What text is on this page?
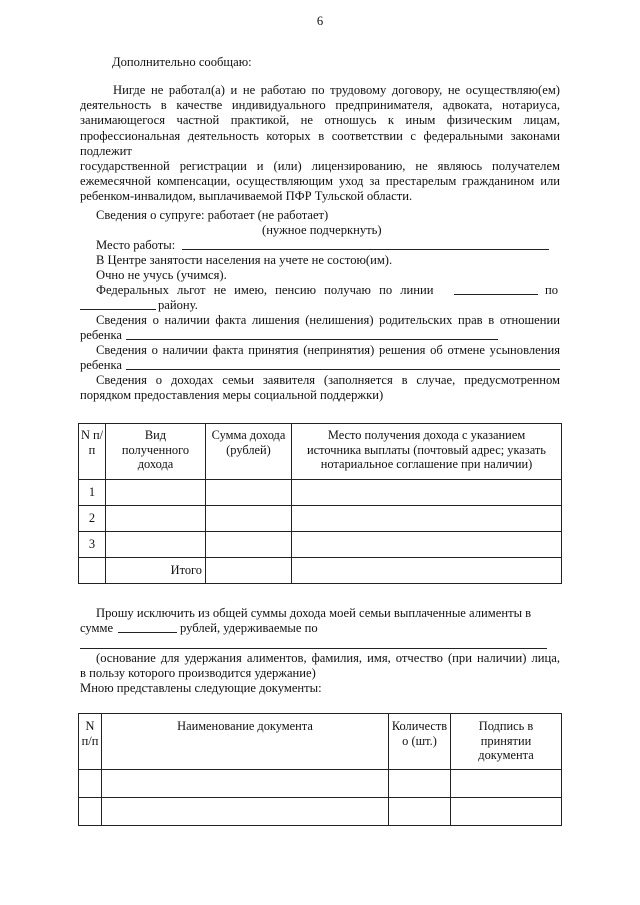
6
Дополнительно сообщаю:
Нигде не работал(а) и не работаю по трудовому договору, не осуществляю(ем)
деятельность в качестве индивидуального предпринимателя, адвоката, нотариуса,
занимающегося частной практикой, не отношусь к иным физическим лицам,
профессиональная деятельность которых в соответствии с федеральными законами подлежит
государственной регистрации и (или) лицензированию, не являюсь получателем
ежемесячной компенсации, осуществляющим уход за престарелым гражданином или
ребенком-инвалидом, выплачиваемой ПФР Тульской области.
Сведения о супруге: работает (не работает)
(нужное подчеркнуть)
Место работы:
В Центре занятости населения на учете не состою(им).
Очно не учусь (учимся).
Федеральных льгот не имею, пенсию получаю по линии	по
району.
Сведения о наличии факта лишения (нелишения) родительских прав в отношении
ребенка
Сведения о наличии факта принятия (непринятия) решения об отмене усыновления
ребенка
Сведения о доходах семьи заявителя (заполняется в случае, предусмотренном
порядком предоставления меры социальной поддержки)
N п/п	Вид полученного дохода	Сумма дохода (рублей)	Место получения дохода с указанием источника выплаты (почтовый адрес; указать нотариальное соглашение при наличии)
1			
2			
3			
	Итого		
Прошу исключить из общей суммы дохода моей семьи выплаченные алименты в
сумме	рублей, удерживаемые по
(основание для удержания алиментов, фамилия, имя, отчество (при наличии) лица,
в пользу которого производится удержание)
Мною представлены следующие документы:
N п/п	Наименование документа	Количество (шт.)	Подпись в принятии документа
